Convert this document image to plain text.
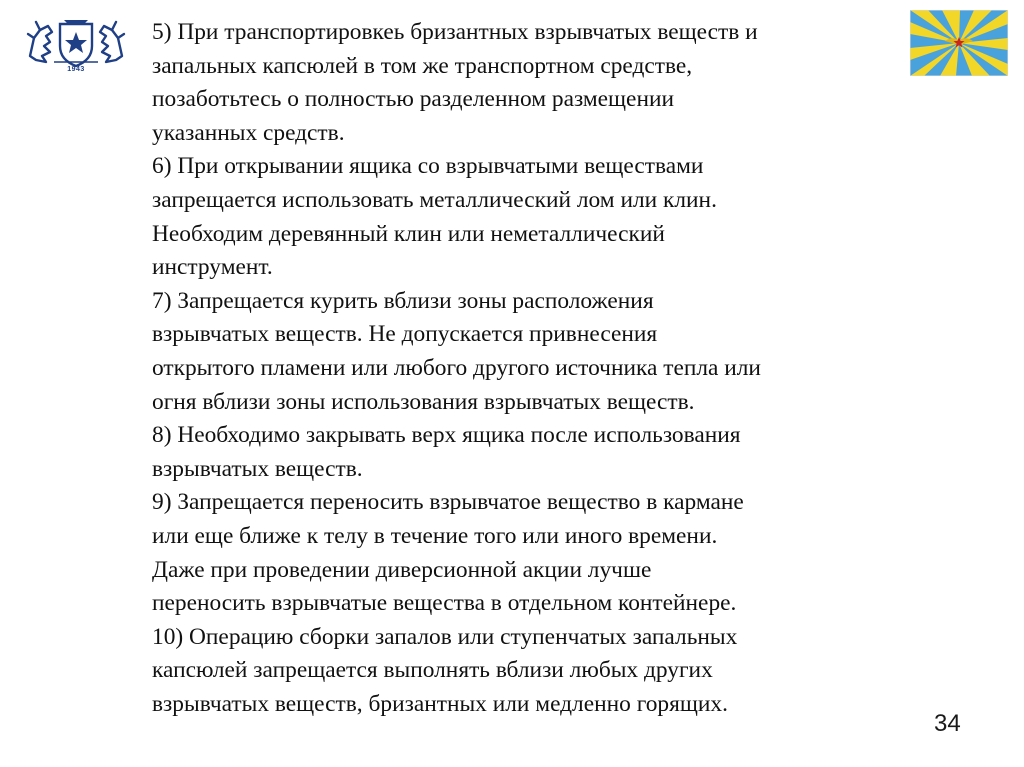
1943
5) При транспортировкеь бризантных взрывчатых веществ и
запальных капсюлей в том же транспортном средстве,
позаботьтесь о полностью разделенном размещении
указанных средств.
6) При открывании ящика со взрывчатыми веществами
запрещается использовать металлический лом или клин.
Необходим деревянный клин или неметаллический
инструмент.
7) Запрещается курить вблизи зоны расположения
взрывчатых веществ. Не допускается привнесения
открытого пламени или любого другого источника тепла или
огня вблизи зоны использования взрывчатых веществ.
8) Необходимо закрывать верх ящика после использования
взрывчатых веществ.
9) Запрещается переносить взрывчатое вещество в кармане
или еще ближе к телу в течение того или иного времени.
Даже при проведении диверсионной акции лучше
переносить взрывчатые вещества в отдельном контейнере.
10) Операцию сборки запалов или ступенчатых запальных
капсюлей запрещается выполнять вблизи любых других
взрывчатых веществ, бризантных или медленно горящих.
34
